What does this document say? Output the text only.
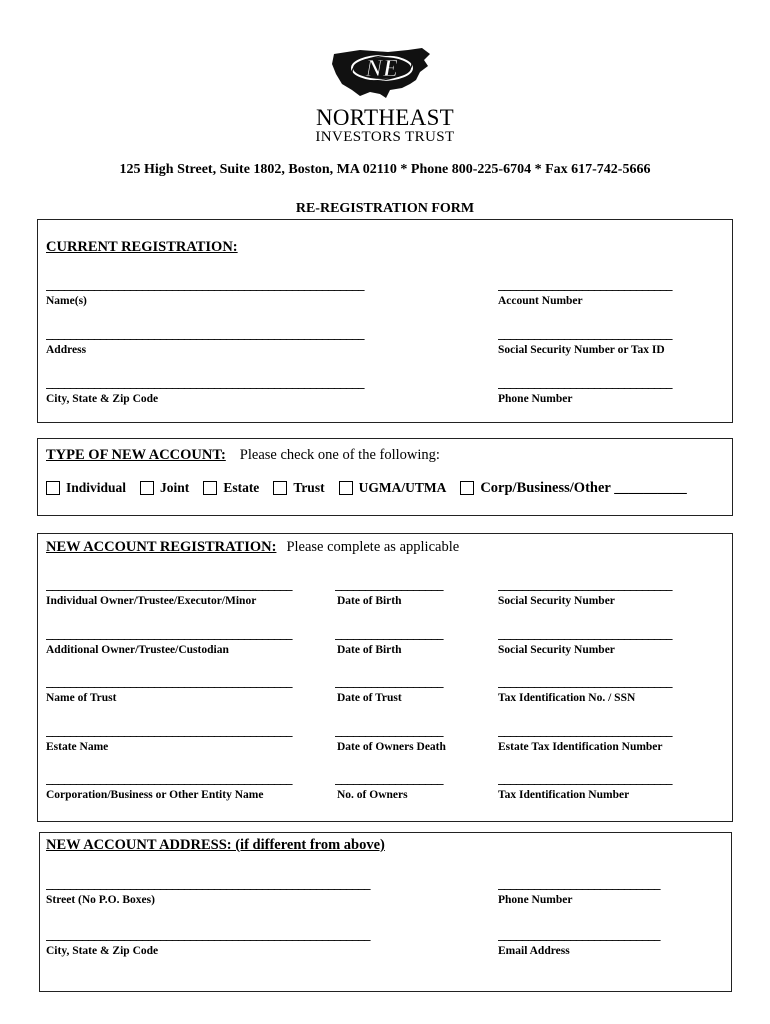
NE
NORTHEAST
INVESTORS TRUST
125 High Street, Suite 1802, Boston, MA 02110 * Phone 800-225-6704 * Fax 617-742-5666
RE-REGISTRATION FORM
CURRENT REGISTRATION:
_____________________________________________________
Name(s)
_____________________________
Account Number
_____________________________________________________
Address
_____________________________
Social Security Number or Tax ID
_____________________________________________________
City, State & Zip Code
_____________________________
Phone Number
TYPE OF NEW ACCOUNT: Please check one of the following:
Individual	Joint	Estate	Trust	UGMA/UTMA Corp/Business/Other __________
NEW ACCOUNT REGISTRATION: Please complete as applicable
_________________________________________
Individual Owner/Trustee/Executor/Minor
__________________
Date of Birth
_____________________________
Social Security Number
_________________________________________
Additional Owner/Trustee/Custodian
__________________
Date of Birth
_____________________________
Social Security Number
_________________________________________
Name of Trust
__________________
Date of Trust
_____________________________
Tax Identification No. / SSN
_________________________________________
Estate Name
__________________
Date of Owners Death
_____________________________
Estate Tax Identification Number
_________________________________________
Corporation/Business or Other Entity Name
__________________
No. of Owners
_____________________________
Tax Identification Number
NEW ACCOUNT ADDRESS: (if different from above)
______________________________________________________
Street (No P.O. Boxes)
___________________________
Phone Number
______________________________________________________
City, State & Zip Code
___________________________
Email Address
